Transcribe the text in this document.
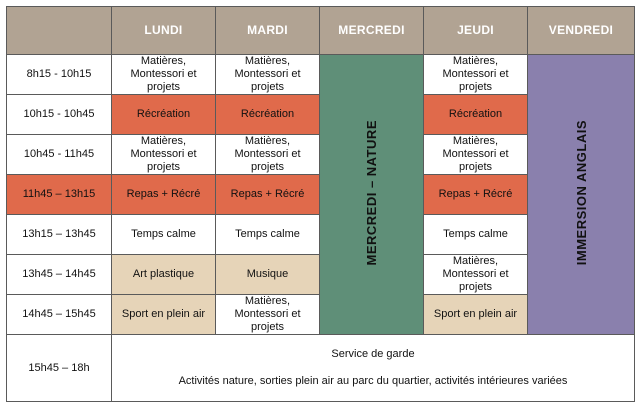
	LUNDI	MARDI	MERCREDI	JEUDI	VENDREDI
8h15 - 10h15	Matières, Montessori et projets	Matières, Montessori et projets	MERCREDI – NATURE	Matières, Montessori et projets	IMMERSION ANGLAIS
10h15 - 10h45	Récréation	Récréation		Récréation	
10h45 - 11h45	Matières, Montessori et projets	Matières, Montessori et projets		Matières, Montessori et projets	
11h45 – 13h15	Repas + Récré	Repas + Récré		Repas + Récré	
13h15 – 13h45	Temps calme	Temps calme		Temps calme	
13h45 – 14h45	Art plastique	Musique		Matières, Montessori et projets	
14h45 – 15h45	Sport en plein air	Matières, Montessori et projets		Sport en plein air	
15h45 – 18h	Service de garde
Activités nature, sorties plein air au parc du quartier, activités intérieures variées				
